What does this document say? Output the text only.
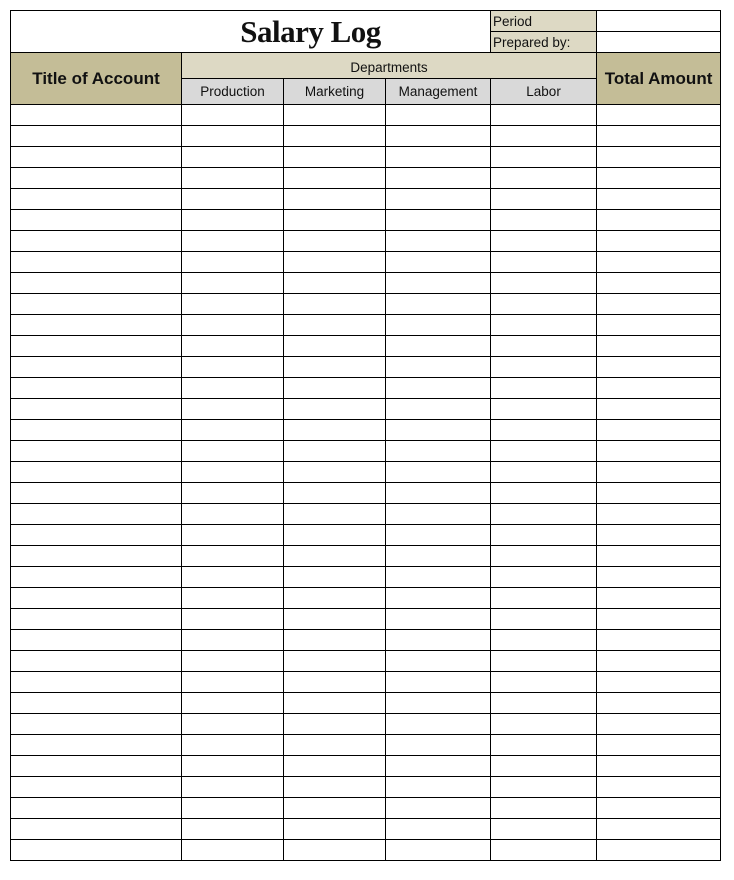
Salary Log				Period	
				Prepared by:	
Title of Account	Departments				Total Amount
	Production	Marketing	Management	Labor	
